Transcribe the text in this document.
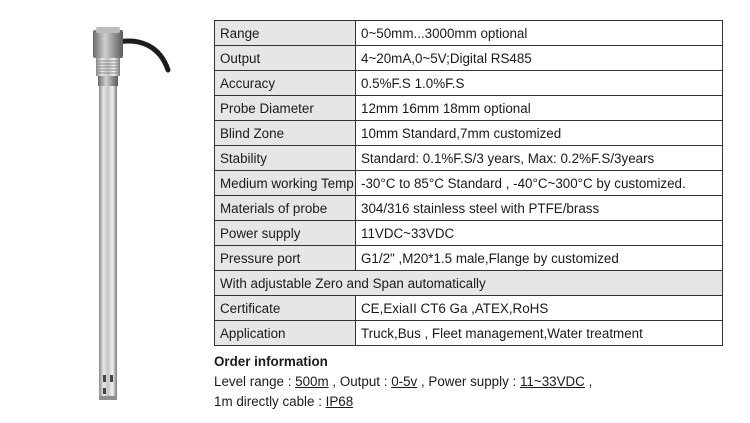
Range	0~50mm...3000mm optional
Output	4~20mA,0~5V;Digital RS485
Accuracy	0.5%F.S 1.0%F.S
Probe Diameter	12mm 16mm 18mm optional
Blind Zone	10mm Standard,7mm customized
Stability	Standard: 0.1%F.S/3 years, Max: 0.2%F.S/3years
Medium working Temp	-30°C to 85°C Standard , -40°C~300°C by customized.
Materials of probe	304/316 stainless steel with PTFE/brass
Power supply	11VDC~33VDC
Pressure port	G1/2" ,M20*1.5 male,Flange by customized
With adjustable Zero and Span automatically	
Certificate	CE,ExiaII CT6 Ga ,ATEX,RoHS
Application	Truck,Bus , Fleet management,Water treatment
Order information
Level range : 500m , Output : 0-5v , Power supply : 11~33VDC ,
1m directly cable : IP68
